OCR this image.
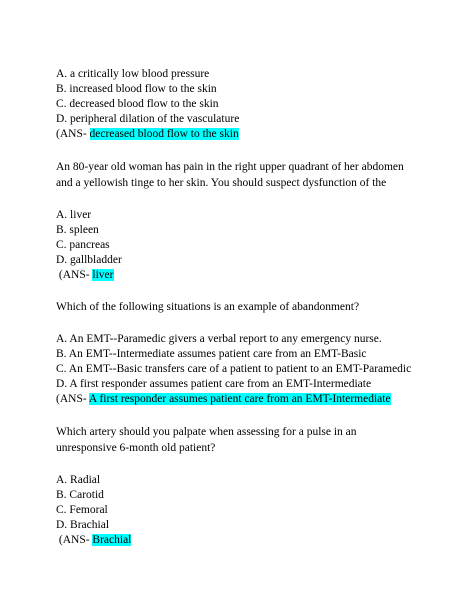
A. a critically low blood pressure
B. increased blood flow to the skin
C. decreased blood flow to the skin
D. peripheral dilation of the vasculature
(ANS- decreased blood flow to the skin
An 80-year old woman has pain in the right upper quadrant of her abdomen and a yellowish tinge to her skin. You should suspect dysfunction of the
A. liver
B. spleen
C. pancreas
D. gallbladder
(ANS- liver
Which of the following situations is an example of abandonment?
A. An EMT--Paramedic givers a verbal report to any emergency nurse.
B. An EMT--Intermediate assumes patient care from an EMT-Basic
C. An EMT--Basic transfers care of a patient to patient to an EMT-Paramedic
D. A first responder assumes patient care from an EMT-Intermediate
(ANS- A first responder assumes patient care from an EMT-Intermediate
Which artery should you palpate when assessing for a pulse in an unresponsive 6-month old patient?
A. Radial
B. Carotid
C. Femoral
D. Brachial
(ANS- Brachial
